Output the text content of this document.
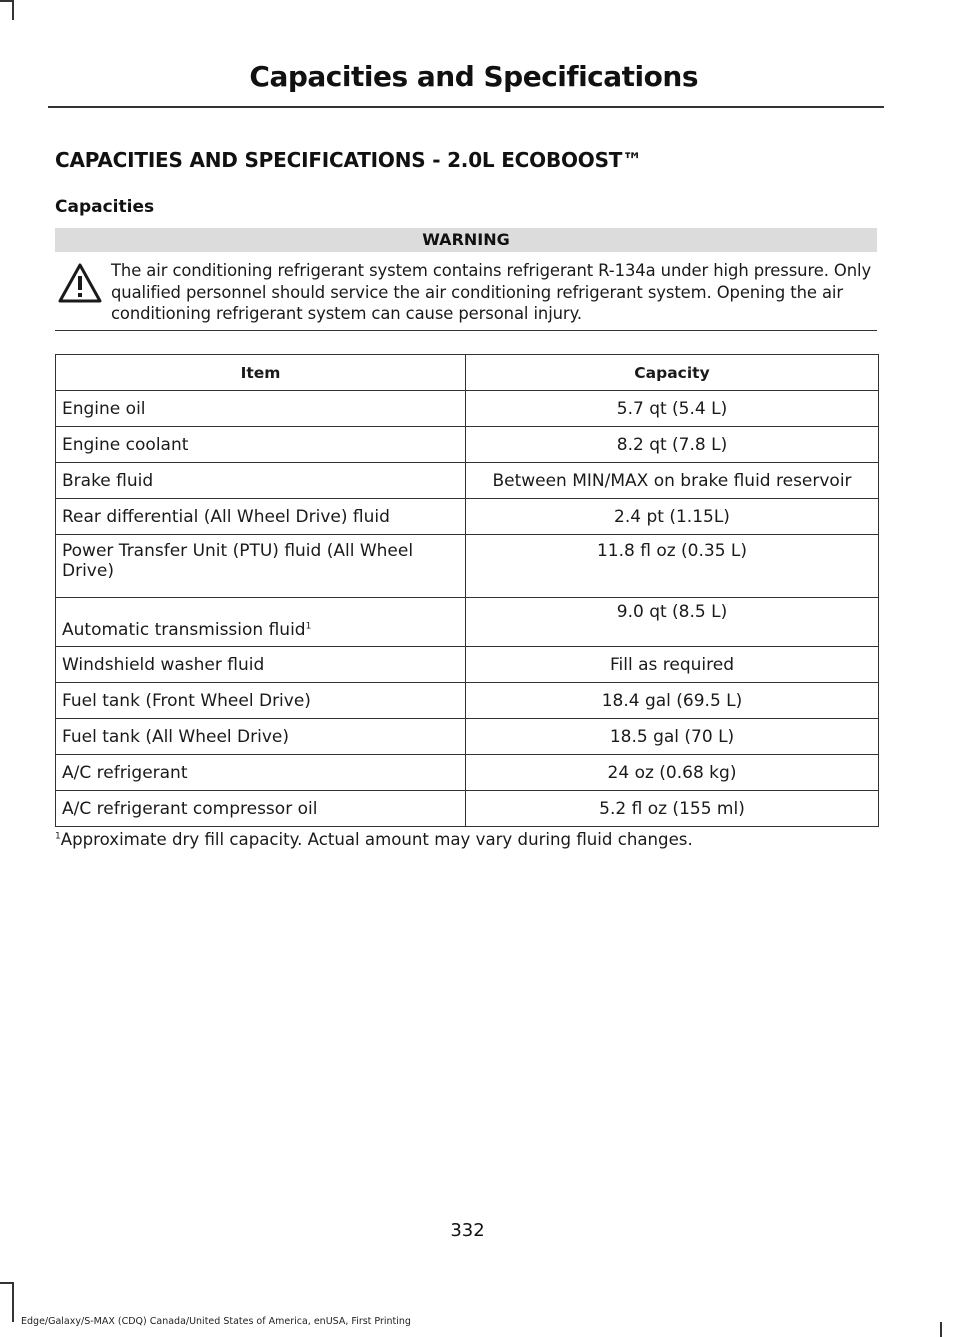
Capacities and Specifications
CAPACITIES AND SPECIFICATIONS - 2.0L ECOBOOST™
Capacities
WARNING

The air conditioning refrigerant system contains refrigerant R-134a under high pressure. Only qualified personnel should service the air conditioning refrigerant system. Opening the air conditioning refrigerant system can cause personal injury.

Item	Capacity
Engine oil	5.7 qt (5.4 L)
Engine coolant	8.2 qt (7.8 L)
Brake fluid	Between MIN/MAX on brake fluid reservoir
Rear differential (All Wheel Drive) fluid	2.4 pt (1.15L)
Power Transfer Unit (PTU) fluid (All Wheel Drive)	11.8 fl oz (0.35 L)
Automatic transmission fluid$^1$	9.0 qt (8.5 L)
Windshield washer fluid	Fill as required
Fuel tank (Front Wheel Drive)	18.4 gal (69.5 L)
Fuel tank (All Wheel Drive)	18.5 gal (70 L)
A/C refrigerant	24 oz (0.68 kg)
A/C refrigerant compressor oil	5.2 fl oz (155 ml)

$^1$Approximate dry fill capacity. Actual amount may vary during fluid changes.

332
Edge/Galaxy/S-MAX (CDQ) Canada/United States of America, enUSA, First Printing
